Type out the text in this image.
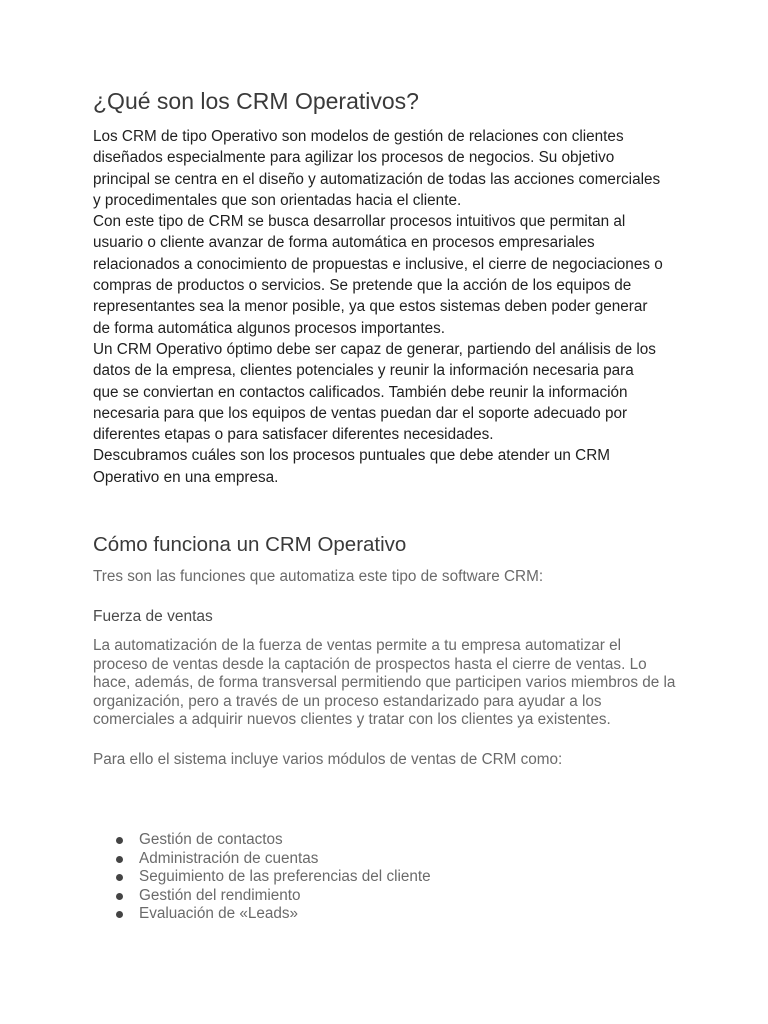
¿Qué son los CRM Operativos?

Los CRM de tipo Operativo son modelos de gestión de relaciones con clientes diseñados especialmente para agilizar los procesos de negocios. Su objetivo principal se centra en el diseño y automatización de todas las acciones comerciales y procedimentales que son orientadas hacia el cliente.

Con este tipo de CRM se busca desarrollar procesos intuitivos que permitan al usuario o cliente avanzar de forma automática en procesos empresariales relacionados a conocimiento de propuestas e inclusive, el cierre de negociaciones o compras de productos o servicios. Se pretende que la acción de los equipos de representantes sea la menor posible, ya que estos sistemas deben poder generar de forma automática algunos procesos importantes.

Un CRM Operativo óptimo debe ser capaz de generar, partiendo del análisis de los datos de la empresa, clientes potenciales y reunir la información necesaria para que se conviertan en contactos calificados. También debe reunir la información necesaria para que los equipos de ventas puedan dar el soporte adecuado por diferentes etapas o para satisfacer diferentes necesidades.

Descubramos cuáles son los procesos puntuales que debe atender un CRM Operativo en una empresa.

Cómo funciona un CRM Operativo

Tres son las funciones que automatiza este tipo de software CRM:

Fuerza de ventas

La automatización de la fuerza de ventas permite a tu empresa automatizar el proceso de ventas desde la captación de prospectos hasta el cierre de ventas. Lo hace, además, de forma transversal permitiendo que participen varios miembros de la organización, pero a través de un proceso estandarizado para ayudar a los comerciales a adquirir nuevos clientes y tratar con los clientes ya existentes.

Para ello el sistema incluye varios módulos de ventas de CRM como:

Gestión de contactos
Administración de cuentas
Seguimiento de las preferencias del cliente
Gestión del rendimiento
Evaluación de «Leads»
